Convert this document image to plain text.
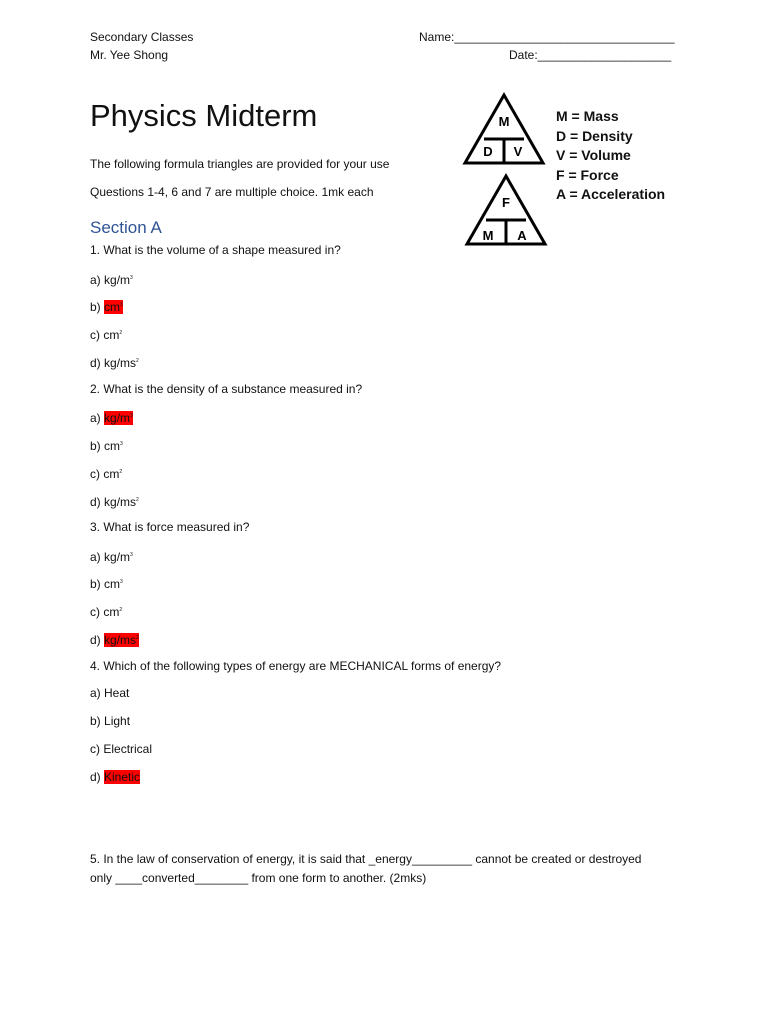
Secondary Classes
Mr. Yee Shong
Name:_________________________________
Date:____________________
Physics Midterm
The following formula triangles are provided for your use
Questions 1-4, 6 and 7 are multiple choice. 1mk each
Section A
M
D V
F
M A
M = Mass
D = Density
V = Volume
F = Force
A = Acceleration
1. What is the volume of a shape measured in?
a) $kg/m^3$
b) $cm^3$
c) $cm^2$
d) $kg/ms^2$
2. What is the density of a substance measured in?
a) $kg/m^3$
b) $cm^3$
c) $cm^2$
d) $kg/ms^2$
3. What is force measured in?
a) $kg/m^3$
b) $cm^3$
c) $cm^2$
d) $kg/ms^2$
4. Which of the following types of energy are MECHANICAL forms of energy?
a) Heat
b) Light
c) Electrical
d) Kinetic
5. In the law of conservation of energy, it is said that _energy_________ cannot be created or destroyed
only ____converted________ from one form to another. (2mks)
